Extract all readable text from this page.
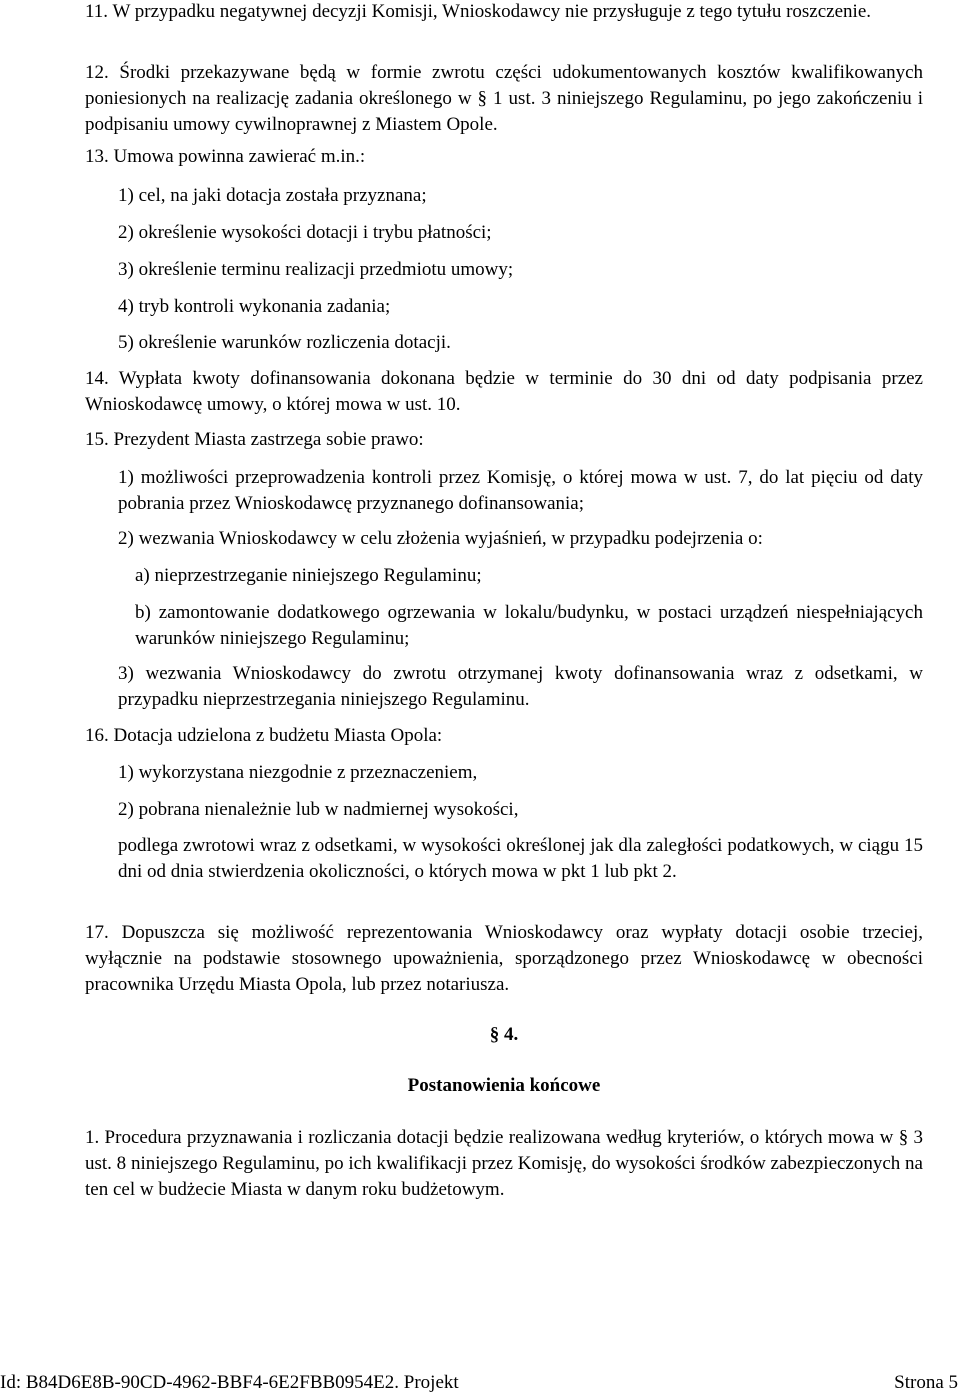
11. W przypadku negatywnej decyzji Komisji, Wnioskodawcy nie przysługuje z tego tytułu roszczenie.

12. Środki przekazywane będą w formie zwrotu części udokumentowanych kosztów kwalifikowanych poniesionych na realizację zadania określonego w § 1 ust. 3 niniejszego Regulaminu, po jego zakończeniu i podpisaniu umowy cywilnoprawnej z Miastem Opole.

13. Umowa powinna zawierać m.in.:

1) cel, na jaki dotacja została przyznana;

2) określenie wysokości dotacji i trybu płatności;

3) określenie terminu realizacji przedmiotu umowy;

4) tryb kontroli wykonania zadania;

5) określenie warunków rozliczenia dotacji.

14. Wypłata kwoty dofinansowania dokonana będzie w terminie do 30 dni od daty podpisania przez Wnioskodawcę umowy, o której mowa w ust. 10.

15. Prezydent Miasta zastrzega sobie prawo:

1) możliwości przeprowadzenia kontroli przez Komisję, o której mowa w ust. 7, do lat pięciu od daty pobrania przez Wnioskodawcę przyznanego dofinansowania;

2) wezwania Wnioskodawcy w celu złożenia wyjaśnień, w przypadku podejrzenia o:

a) nieprzestrzeganie niniejszego Regulaminu;

b) zamontowanie dodatkowego ogrzewania w lokalu/budynku, w postaci urządzeń niespełniających warunków niniejszego Regulaminu;

3) wezwania Wnioskodawcy do zwrotu otrzymanej kwoty dofinansowania wraz z odsetkami, w przypadku nieprzestrzegania niniejszego Regulaminu.

16. Dotacja udzielona z budżetu Miasta Opola:

1) wykorzystana niezgodnie z przeznaczeniem,

2) pobrana nienależnie lub w nadmiernej wysokości,

podlega zwrotowi wraz z odsetkami, w wysokości określonej jak dla zaległości podatkowych, w ciągu 15 dni od dnia stwierdzenia okoliczności, o których mowa w pkt 1 lub pkt 2.

17. Dopuszcza się możliwość reprezentowania Wnioskodawcy oraz wypłaty dotacji osobie trzeciej, wyłącznie na podstawie stosownego upoważnienia, sporządzonego przez Wnioskodawcę w obecności pracownika Urzędu Miasta Opola, lub przez notariusza.

§ 4.

Postanowienia końcowe

1. Procedura przyznawania i rozliczania dotacji będzie realizowana według kryteriów, o których mowa w § 3 ust. 8 niniejszego Regulaminu, po ich kwalifikacji przez Komisję, do wysokości środków zabezpieczonych na ten cel w budżecie Miasta w danym roku budżetowym.

Id: B84D6E8B-90CD-4962-BBF4-6E2FBB0954E2. Projekt	Strona 5
